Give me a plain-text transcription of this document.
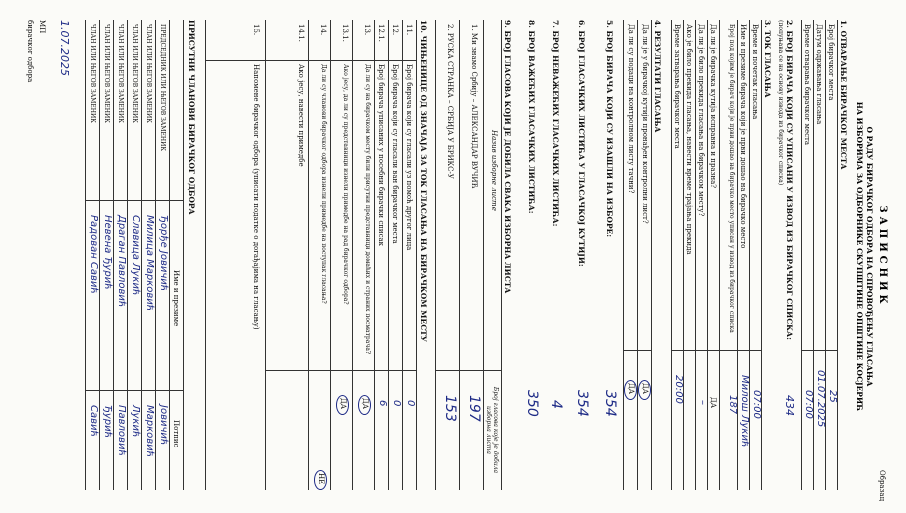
Образац
ЗАПИСНИК
О РАДУ БИРАЧКОГ ОДБОРА НА СПРОВОЂЕЊУ ГЛАСАЊА
НА ИЗБОРИМА ЗА ОДБОРНИКЕ СКУПШТИНЕ ОПШТИНЕ КОСЈЕРИЋ
1. ОТВАРАЊЕ БИРАЧКОГ МЕСТА
Број бирачког места
25
Датум одржавања гласања
01.07.2025
Време отварања бирачког места
07:00
2. БРОЈ БИРАЧА КОЈИ СУ УПИСАНИ У ИЗВОД ИЗ БИРАЧКОГ СПИСКА:
(попуњава се на основу извода из бирачког списка)
434
3. ТОК ГЛАСАЊА
Време и почетак гласања
07:00
Име и презиме бирача који је први дошао на бирачко место
Милош Лукић
Број под којим је бирач који је први дошао на бирачко место уписан у извод из бирачког списка
187
Да ли је бирачка кутија исправна и празна?
ДА
Да ли је било прекида гласања на бирачком месту?
–
Ако је било прекида гласања, навести време трајања прекида
Време затварања бирачког места
20:00
4. РЕЗУЛТАТИ ГЛАСАЊА
Да ли је у бирачкој кутији пронађен контролни лист?
ДА
Да ли су подаци на контролном листу тачни?
ДА
5. БРОЈ БИРАЧА КОЈИ СУ ИЗАШЛИ НА ИЗБОРЕ:
354
6. БРОЈ ГЛАСАЧКИХ ЛИСТИЋА У ГЛАСАЧКОЈ КУТИЈИ:
354
7. БРОЈ НЕВАЖЕЋИХ ГЛАСАЧКИХ ЛИСТИЋА:
4
8. БРОЈ ВАЖЕЋИХ ГЛАСАЧКИХ ЛИСТИЋА:
350
9. БРОЈ ГЛАСОВА КОЈИ ЈЕ ДОБИЛА СВАКА ИЗБОРНА ЛИСТА
Назив изборне листе
Број гласова које је добила изборна листа
1. Ми знамо Србију – АЛЕКСАНДАР ВУЧИЋ
197
2. РУСКА СТРАНКА – СРБИЈА У БРИКС-У
153
10. ЧИЊЕНИЦЕ ОД ЗНАЧАЈА ЗА ТОК ГЛАСАЊА НА БИРАЧКОМ МЕСТУ
11.
Број бирача који су гласали уз помоћ другог лица
0
12.
Број бирача који су гласали ван бирачког места
0
12.1.
Број бирача уписаних у посебни бирачки списак
6
13.
Да ли су на бирачком месту били присутни представници домаћих и страних посматрача?
ДА
13.1.
Ако јесу, да ли су представници изнели примедбе на рад бирачког одбора?
ДА
14.
Да ли су чланови бирачког одбора изнели примедбе на поступак гласања?
НЕ
14.1.
Ако јесу, навести примедбе
15.
Напомене бирачког одбора (уписати податке о догађајима на гласању)
ПРИСУТНИ ЧЛАНОВИ БИРАЧКОГ ОДБОРА
Име и презиме
Потпис
ПРЕДСЕДНИК ИЛИ ЊЕГОВ ЗАМЕНИК
Ђорђе Јовичић
Јовичић
ЧЛАН ИЛИ ЊЕГОВ ЗАМЕНИК
Милица Марковић
Марковић
ЧЛАН ИЛИ ЊЕГОВ ЗАМЕНИК
Славица Лукић
Лукић
ЧЛАН ИЛИ ЊЕГОВ ЗАМЕНИК
Драган Павловић
Павловић
ЧЛАН ИЛИ ЊЕГОВ ЗАМЕНИК
Невена Ђурић
Ђурић
ЧЛАН ИЛИ ЊЕГОВ ЗАМЕНИК
Радован Савић
Савић
1.07.2025
МП
бирачког одбора
